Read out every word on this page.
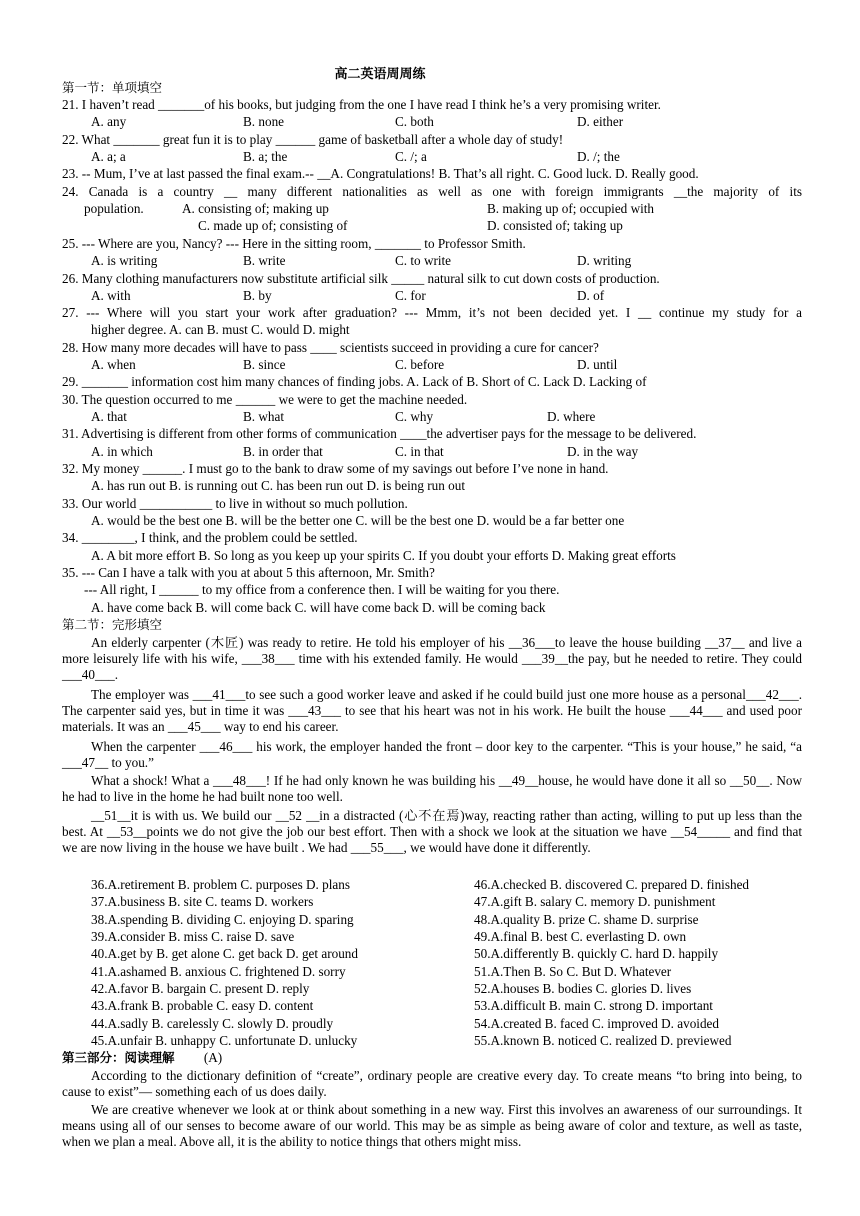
高二英语周周练
第一节：单项填空
21. I haven’t read _______of his books, but judging from the one I have read I think he’s a very promising writer.
A. any	B. none	C. both	D. either
22. What _______ great fun it is to play ______ game of basketball after a whole day of study!
A. a; a	B. a; the	C. /; a	D. /; the
23. -- Mum, I’ve at last passed the final exam.-- __A. Congratulations! B. That’s all right. C. Good luck. D. Really good.
24. Canada is a country __ many different nationalities as well as one with foreign immigrants __the majority of its
population.	A. consisting of; making up	B. making up of; occupied with
C. made up of; consisting of	D. consisted of; taking up
25. --- Where are you, Nancy? --- Here in the sitting room, _______ to Professor Smith.
A. is writing	B. write	C. to write	D. writing
26. Many clothing manufacturers now substitute artificial silk _____ natural silk to cut down costs of production.
A. with	B. by	C. for	D. of
27. --- Where will you start your work after graduation? --- Mmm, it’s not been decided yet. I __ continue my study for a
higher degree. A. can B. must C. would D. might
28. How many more decades will have to pass ____ scientists succeed in providing a cure for cancer?
A. when	B. since	C. before	D. until
29. _______ information cost him many chances of finding jobs. A. Lack of B. Short of C. Lack D. Lacking of
30. The question occurred to me ______ we were to get the machine needed.
A. that	B. what	C. why	D. where
31. Advertising is different from other forms of communication ____the advertiser pays for the message to be delivered.
A. in which	B. in order that	C. in that	D. in the way
32. My money ______. I must go to the bank to draw some of my savings out before I’ve none in hand.
A. has run out B. is running out C. has been run out D. is being run out
33. Our world ___________ to live in without so much pollution.
A. would be the best one B. will be the better one C. will be the best one D. would be a far better one
34. ________, I think, and the problem could be settled.
A. A bit more effort B. So long as you keep up your spirits C. If you doubt your efforts D. Making great efforts
35. --- Can I have a talk with you at about 5 this afternoon, Mr. Smith?
--- All right, I ______ to my office from a conference then. I will be waiting for you there.
A. have come back B. will come back C. will have come back D. will be coming back
第二节：完形填空
An elderly carpenter (木匠) was ready to retire. He told his employer of his __36___to leave the house building __37__ and live a more leisurely life with his wife, ___38___ time with his extended family. He would ___39__the pay, but he needed to retire. They could ___40___.
The employer was ___41___to see such a good worker leave and asked if he could build just one more house as a personal___42___. The carpenter said yes, but in time it was ___43___ to see that his heart was not in his work. He built the house ___44___ and used poor materials. It was an ___45___ way to end his career.
When the carpenter ___46___ his work, the employer handed the front – door key to the carpenter. “This is your house,” he said, “a ___47__ to you.”
What a shock! What a ___48___! If he had only known he was building his __49__house, he would have done it all so __50__. Now he had to live in the home he had built none too well.
__51__it is with us. We build our __52 __in a distracted (心不在焉)way, reacting rather than acting, willing to put up less than the best. At __53__points we do not give the job our best effort. Then with a shock we look at the situation we have __54_____ and find that we are now living in the house we have built . We had ___55___, we would have done it differently.
36.A.retirement B. problem C. purposes D. plans
37.A.business B. site C. teams D. workers
38.A.spending B. dividing C. enjoying D. sparing
39.A.consider B. miss C. raise D. save
40.A.get by B. get alone C. get back D. get around
41.A.ashamed B. anxious C. frightened D. sorry
42.A.favor B. bargain C. present D. reply
43.A.frank B. probable C. easy D. content
44.A.sadly B. carelessly C. slowly D. proudly
45.A.unfair B. unhappy C. unfortunate D. unlucky
46.A.checked B. discovered C. prepared D. finished
47.A.gift B. salary C. memory D. punishment
48.A.quality B. prize C. shame D. surprise
49.A.final B. best C. everlasting D. own
50.A.differently B. quickly C. hard D. happily
51.A.Then B. So C. But D. Whatever
52.A.houses B. bodies C. glories D. lives
53.A.difficult B. main C. strong D. important
54.A.created B. faced C. improved D. avoided
55.A.known B. noticed C. realized D. previewed
第三部分：阅读理解 (A)
According to the dictionary definition of “create”, ordinary people are creative every day. To create means “to bring into being, to cause to exist”— something each of us does daily.
We are creative whenever we look at or think about something in a new way. First this involves an awareness of our surroundings. It means using all of our senses to become aware of our world. This may be as simple as being aware of color and texture, as well as taste, when we plan a meal. Above all, it is the ability to notice things that others might miss.
